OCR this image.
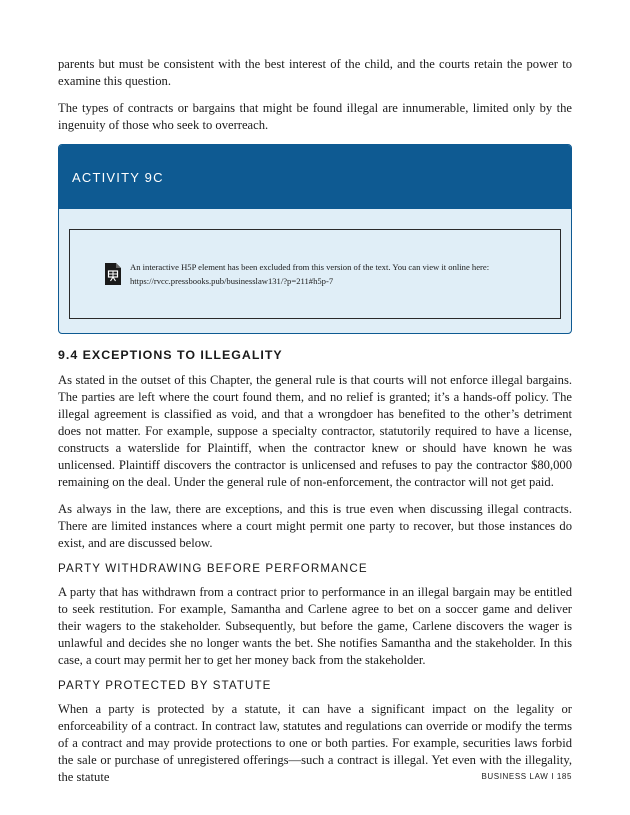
parents but must be consistent with the best interest of the child, and the courts retain the power to examine this question.

The types of contracts or bargains that might be found illegal are innumerable, limited only by the ingenuity of those who seek to overreach.

ACTIVITY 9C
An interactive H5P element has been excluded from this version of the text. You can view it online here:
https://rvcc.pressbooks.pub/businesslaw131/?p=211#h5p-7
9.4 EXCEPTIONS TO ILLEGALITY

As stated in the outset of this Chapter, the general rule is that courts will not enforce illegal bargains. The parties are left where the court found them, and no relief is granted; it’s a hands-off policy. The illegal agreement is classified as void, and that a wrongdoer has benefited to the other’s detriment does not matter. For example, suppose a specialty contractor, statutorily required to have a license, constructs a waterslide for Plaintiff, when the contractor knew or should have known he was unlicensed. Plaintiff discovers the contractor is unlicensed and refuses to pay the contractor $80,000 remaining on the deal. Under the general rule of non-enforcement, the contractor will not get paid.

As always in the law, there are exceptions, and this is true even when discussing illegal contracts. There are limited instances where a court might permit one party to recover, but those instances do exist, and are discussed below.

PARTY WITHDRAWING BEFORE PERFORMANCE

A party that has withdrawn from a contract prior to performance in an illegal bargain may be entitled to seek restitution. For example, Samantha and Carlene agree to bet on a soccer game and deliver their wagers to the stakeholder. Subsequently, but before the game, Carlene discovers the wager is unlawful and decides she no longer wants the bet. She notifies Samantha and the stakeholder. In this case, a court may permit her to get her money back from the stakeholder.

PARTY PROTECTED BY STATUTE

When a party is protected by a statute, it can have a significant impact on the legality or enforceability of a contract. In contract law, statutes and regulations can override or modify the terms of a contract and may provide protections to one or both parties. For example, securities laws forbid the sale or purchase of unregistered offerings—such a contract is illegal. Yet even with the illegality, the statute	BUSINESS LAW I 185
